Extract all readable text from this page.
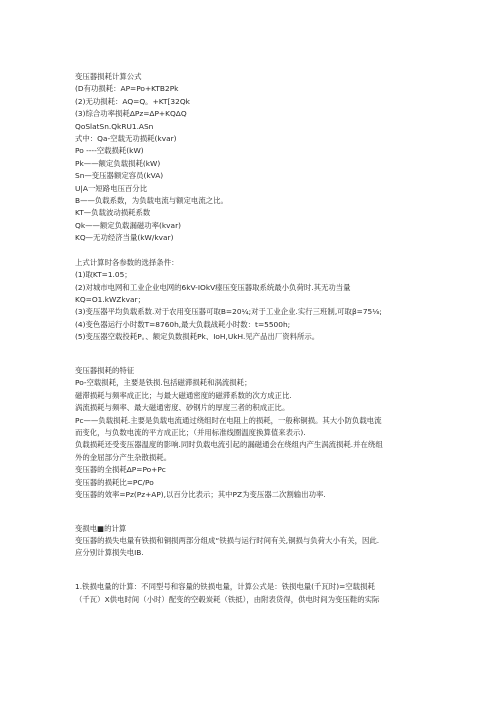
变压器损耗计算公式
(D有功损耗：AP=Po+KTB2Pk
(2)无功损耗：AQ=Q。+KT[32Qk
(3)综合功率损耗ΔPz=ΔP+KQΔQ
QoSlatSn.QkRU1.ASn
式中：Qa-空载无功损耗(kvar)
Po ----空载损耗(kW)
Pk——额定负载损耗(kW)
Sn—变压器额定容员(kVA)
U|A一短路电压百分比
B——负载系数，为负载电流与额定电流之比。
KT—负载波动损耗系数
Qk——额定负载漏磁功率(kvar)
KQ—无功经济当量(kW/kvar)
上式计算时各参数的选择条件：
(1)取KT=1.05；
(2)对城市电网和工业企业电网的6kV-IOkV瘗压变压器取系统最小负荷时.其无功当量
KQ=O1.kWZkvar；
(3)变压器平均负载系数.对于农用变压器可取B=20¼;对于工业企业.实行三班制,可取β=75⅛;
(4)变色器运行小时数T=8760h,最大负载战耗小时数：t=5500h;
(5)变压器空载投耗P。、额定负数损耗Pk、IoH,UkH.见产品出厂资料所示。
变压器损耗的特征
Po-空载损耗，主要是铁损.包括磁滞损耗和涡流损耗；
磁滞损耗与频率成正比；与最大磁通密度的磁滞系数的次方成正比.
涡流损耗与频率、最大磁通密度、砂钢片的厚度三者的积成正比。
Pc——负载损耗.主要是负载电流通过绕组时在电阻上的损耗，一般称铜损。其大小防负载电流
而变化，与负数电流的平方成正比；（并用标准线圈温度换算值来表示).
负载损耗还受变压器温度的影响.同时负载电流引起的漏磁通会在绕组内产生涡流损耗.并在绕组
外的金屈部分产生杂散损耗。
变压器的全损耗ΔP=Po+Pc
变压器的损耗比=PC/Po
变压器的效率=Pz(Pz+AP),以百分比表示；其中PZ为变压器二次割输出功率.
变损电■的计算
变压器的损失电量有铁损和铜损两部分组成“铁损与运行时间有关,铜损与负荷大小有关，因此.
应分别计算损失电IB.
1.铁损电量的计算：不同型号和容量的铁损电量，计算公式是：铁损电量(千瓦时)=空载损耗
（千瓦）X供电时间（小时）配变的空毂炭耗（铁抵），由附表货得，供电时间为变压鞋的实际
